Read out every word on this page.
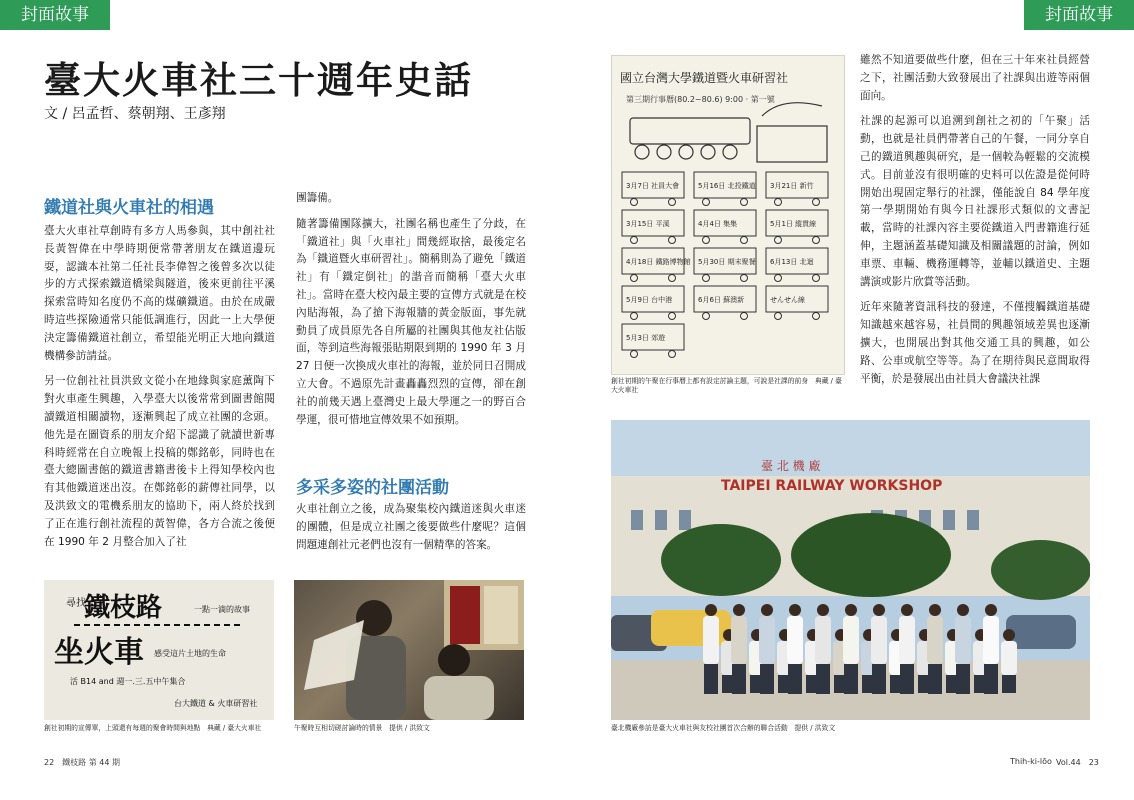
封面故事	封面故事
臺大火車社三十週年史話
文 / 呂孟哲、蔡朝翔、王彥翔
鐵道社與火車社的相遇

臺大火車社草創時有多方人馬參與，其中創社社長黃智偉在中學時期便常帶著朋友在鐵道邊玩耍，認識本社第二任社長李偉智之後曾多次以徒步的方式探索鐵道橋梁與隧道，後來更前往平溪探索當時知名度仍不高的煤礦鐵道。由於在成嚴時這些探險通常只能低調進行，因此一上大學便決定籌備鐵道社創立，希望能光明正大地向鐵道機構參訪請益。

另一位創社社員洪致文從小在地緣與家庭薰陶下對火車產生興趣，入學臺大以後常常到圖書館閱讀鐵道相關讀物，逐漸興起了成立社團的念頭。他先是在圖資系的朋友介紹下認識了就讀世新專科時經常在自立晚報上投稿的鄭銘彰，同時也在臺大總圖書館的鐵道書籍書後卡上得知學校內也有其他鐵道迷出沒。在鄭銘彰的薪傳社同學，以及洪致文的電機系朋友的協助下，兩人終於找到了正在進行創社流程的黃智偉，各方合流之後便在 1990 年 2 月整合加入了社

團籌備。

隨著籌備團隊擴大，社團名稱也產生了分歧，在「鐵道社」與「火車社」間幾經取捨，最後定名為「鐵道暨火車研習社」。簡稱則為了避免「鐵道社」有「鐵定倒社」的諧音而簡稱「臺大火車社」。當時在臺大校內最主要的宣傳方式就是在校內貼海報，為了搶下海報牆的黃金版面，事先就動員了成員原先各自所屬的社團與其他友社佔版面，等到這些海報張貼期限到期的 1990 年 3 月 27 日便一次換成火車社的海報，並於同日召開成立大會。不過原先計畫轟轟烈烈的宣傳，卻在創社的前幾天遇上臺灣史上最大學運之一的野百合學運，很可惜地宣傳效果不如預期。

多采多姿的社團活動

火車社創立之後，成為聚集校內鐵道迷與火車迷的團體，但是成立社團之後要做些什麼呢？這個問題連創社元老們也沒有一個精準的答案。

雖然不知道要做些什麼，但在三十年來社員經營之下，社團活動大致發展出了社課與出遊等兩個面向。

社課的起源可以追溯到創社之初的「午聚」活動，也就是社員們帶著自己的午餐，一同分享自己的鐵道興趣與研究，是一個較為輕鬆的交流模式。目前並沒有很明確的史料可以佐證是從何時開始出現固定舉行的社課，僅能說自 84 學年度第一學期開始有與今日社課形式類似的文書記載，當時的社課內容主要從鐵道入門書籍進行延伸，主題涵蓋基礎知識及相關議題的討論，例如車票、車輛、機務運轉等，並輔以鐵道史、主題講演或影片欣賞等活動。

近年來隨著資訊科技的發達，不僅搜觸鐵道基礎知識越來越容易，社員間的興趣領域差異也逐漸擴大，也開展出對其他交通工具的興趣，如公路、公車或航空等等。為了在期待與民意間取得平衡，於是發展出由社員大會議決社課

國立台灣大學鐵道暨火車研習社
第三期行事曆(80.2~80.6) 9:00 · 第一號
3月7日 社員大會	5月16日 北投鐵道 3月21日 新竹
3月15日 平溪	4月4日 集集	5月1日 縱貫線
4月18日 鐵路博物館 5月30日 期末聚餐 6月13日 北迴
5月9日 台中港	6月6日 蘇澳新	せんせん線
5月3日 郊遊
創社初期的午聚在行事曆上都有設定討論主題，可說是社課的前身　典藏 / 臺大火車社
尋找
鐵枝路	一點一滴的故事
坐火車 感受這片土地的生命
活 B14 and 週一.三.五中午集合
台大鐵道 & 火車研習社
創社初期的宣傳單，上頭還有每週的聚會時間與地點　典藏 / 臺大火車社	午聚時互相切磋討論時的情景　提供 / 洪致文
臺 北 機 廠
TAIPEI RAILWAY WORKSHOP
臺北機廠參訪是臺大火車社與友校社團首次合辦的聯合活動　提供 / 洪致文
22　鐵枝路 第 44 期	Thih-ki-lōo Vol.44　23
